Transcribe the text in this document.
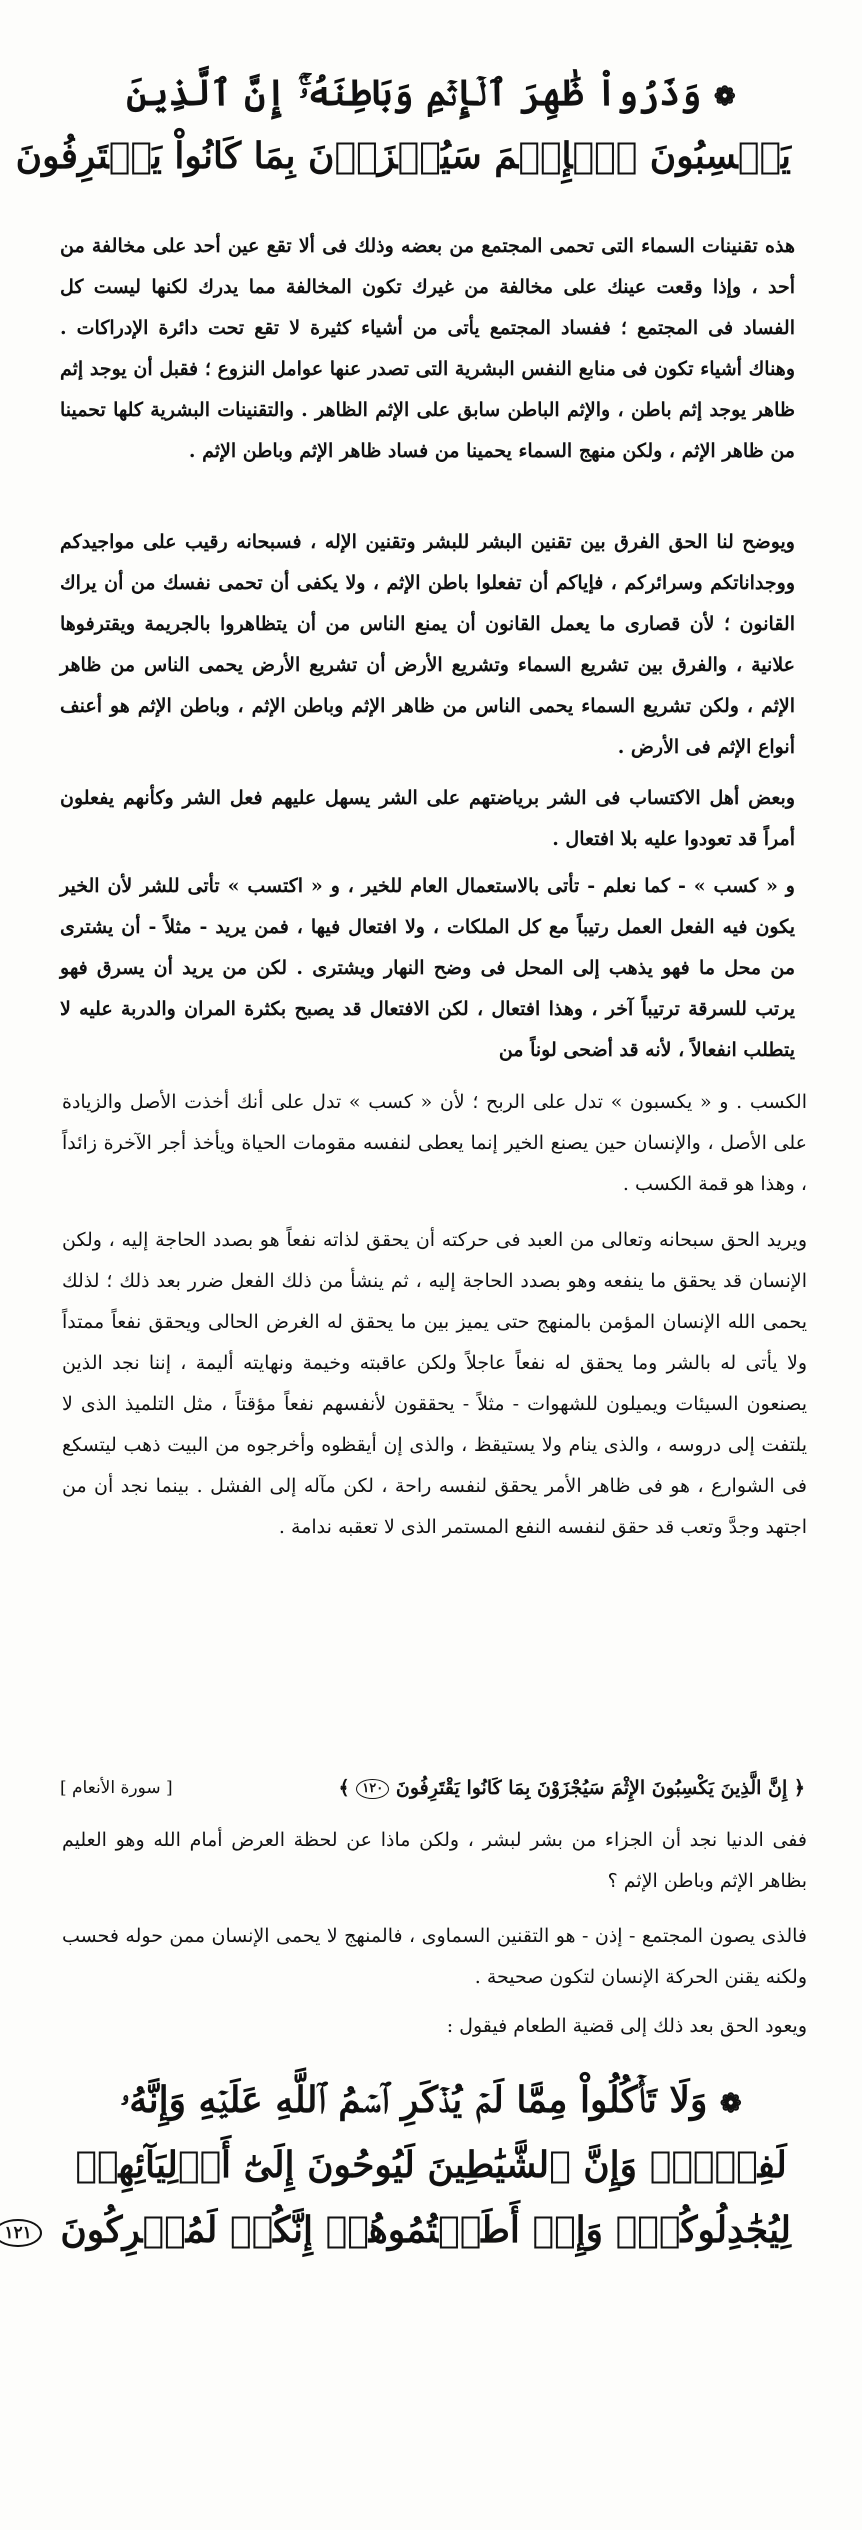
❁ وَذَرُواْ ظَٰهِرَ ٱلۡإِثۡمِ وَبَاطِنَهُۥٓۚ إِنَّ ٱلَّذِينَ
يَكۡسِبُونَ ٱلۡإِثۡمَ سَيُجۡزَوۡنَ بِمَا كَانُواْ يَقۡتَرِفُونَ

هذه تقنينات السماء التى تحمى المجتمع من بعضه وذلك فى ألا تقع عين أحد على مخالفة من أحد ، وإذا وقعت عينك على مخالفة من غيرك تكون المخالفة مما يدرك لكنها ليست كل الفساد فى المجتمع ؛ ففساد المجتمع يأتى من أشياء كثيرة لا تقع تحت دائرة الإدراكات . وهناك أشياء تكون فى منابع النفس البشرية التى تصدر عنها عوامل النزوع ؛ فقبل أن يوجد إثم ظاهر يوجد إثم باطن ، والإثم الباطن سابق على الإثم الظاهر . والتقنينات البشرية كلها تحمينا من ظاهر الإثم ، ولكن منهج السماء يحمينا من فساد ظاهر الإثم وباطن الإثم .

ويوضح لنا الحق الفرق بين تقنين البشر للبشر وتقنين الإله ، فسبحانه رقيب على مواجيدكم ووجداناتكم وسرائركم ، فإياكم أن تفعلوا باطن الإثم ، ولا يكفى أن تحمى نفسك من أن يراك القانون ؛ لأن قصارى ما يعمل القانون أن يمنع الناس من أن يتظاهروا بالجريمة ويقترفوها علانية ، والفرق بين تشريع السماء وتشريع الأرض أن تشريع الأرض يحمى الناس من ظاهر الإثم ، ولكن تشريع السماء يحمى الناس من ظاهر الإثم وباطن الإثم ، وباطن الإثم هو أعنف أنواع الإثم فى الأرض .

وبعض أهل الاكتساب فى الشر برياضتهم على الشر يسهل عليهم فعل الشر وكأنهم يفعلون أمراً قد تعودوا عليه بلا افتعال .

و « كسب » - كما نعلم - تأتى بالاستعمال العام للخير ، و « اكتسب » تأتى للشر لأن الخير يكون فيه الفعل العمل رتيباً مع كل الملكات ، ولا افتعال فيها ، فمن يريد - مثلاً - أن يشترى من محل ما فهو يذهب إلى المحل فى وضح النهار ويشترى . لكن من يريد أن يسرق فهو يرتب للسرقة ترتيباً آخر ، وهذا افتعال ، لكن الافتعال قد يصبح بكثرة المران والدربة عليه لا يتطلب انفعالاً ، لأنه قد أضحى لوناً من

الكسب . و « يكسبون » تدل على الربح ؛ لأن « كسب » تدل على أنك أخذت الأصل والزيادة على الأصل ، والإنسان حين يصنع الخير إنما يعطى لنفسه مقومات الحياة ويأخذ أجر الآخرة زائداً ، وهذا هو قمة الكسب .

ويريد الحق سبحانه وتعالى من العبد فى حركته أن يحقق لذاته نفعاً هو بصدد الحاجة إليه ، ولكن الإنسان قد يحقق ما ينفعه وهو بصدد الحاجة إليه ، ثم ينشأ من ذلك الفعل ضرر بعد ذلك ؛ لذلك يحمى الله الإنسان المؤمن بالمنهج حتى يميز بين ما يحقق له الغرض الحالى ويحقق نفعاً ممتداً ولا يأتى له بالشر وما يحقق له نفعاً عاجلاً ولكن عاقبته وخيمة ونهايته أليمة ، إننا نجد الذين يصنعون السيئات ويميلون للشهوات - مثلاً - يحققون لأنفسهم نفعاً مؤقتاً ، مثل التلميذ الذى لا يلتفت إلى دروسه ، والذى ينام ولا يستيقظ ، والذى إن أيقظوه وأخرجوه من البيت ذهب ليتسكع فى الشوارع ، هو فى ظاهر الأمر يحقق لنفسه راحة ، لكن مآله إلى الفشل . بينما نجد أن من اجتهد وجدَّ وتعب قد حقق لنفسه النفع المستمر الذى لا تعقبه ندامة .

﴿ إِنَّ الَّذِينَ يَكْسِبُونَ الإِثْمَ سَيُجْزَوْنَ بِمَا كَانُوا يَقْتَرِفُونَ ١٢٠ ﴾
[ سورة الأنعام ]

ففى الدنيا نجد أن الجزاء من بشر لبشر ، ولكن ماذا عن لحظة العرض أمام الله وهو العليم بظاهر الإثم وباطن الإثم ؟

فالذى يصون المجتمع - إذن - هو التقنين السماوى ، فالمنهج لا يحمى الإنسان ممن حوله فحسب ولكنه يقنن الحركة الإنسان لتكون صحيحة .

ويعود الحق بعد ذلك إلى قضية الطعام فيقول :

❁ وَلَا تَأۡكُلُواْ مِمَّا لَمۡ يُذۡكَرِ ٱسۡمُ ٱللَّهِ عَلَيۡهِ وَإِنَّهُۥ
لَفِسۡقٞۗ وَإِنَّ ٱلشَّيَٰطِينَ لَيُوحُونَ إِلَىٰٓ أَوۡلِيَآئِهِمۡ
لِيُجَٰدِلُوكُمۡۖ وَإِنۡ أَطَعۡتُمُوهُمۡ إِنَّكُمۡ لَمُشۡرِكُونَ ١٢١
